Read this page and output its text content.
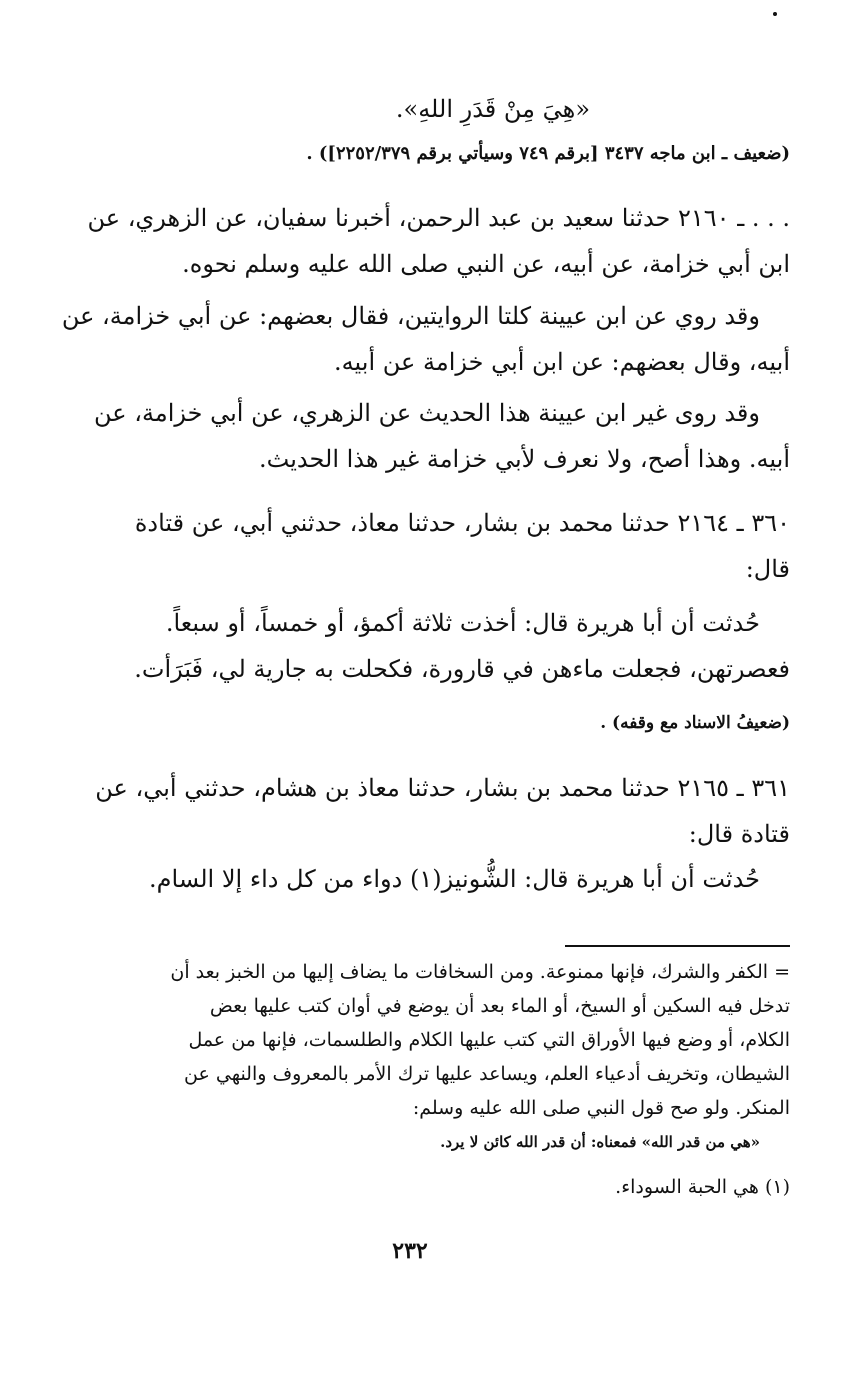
«هِيَ مِنْ قَدَرِ اللهِ».
(ضعيف ـ ابن ماجه ٣٤٣٧ [برقم ٧٤٩ وسيأتي برقم ٢٢٥٢/٣٧٩]) .
. . . ـ ٢١٦٠ حدثنا سعيد بن عبد الرحمن، أخبرنا سفيان، عن الزهري، عن
ابن أبي خزامة، عن أبيه، عن النبي صلى الله عليه وسلم نحوه.
وقد روي عن ابن عيينة كلتا الروايتين، فقال بعضهم: عن أبي خزامة، عن
أبيه، وقال بعضهم: عن ابن أبي خزامة عن أبيه.
وقد روى غير ابن عيينة هذا الحديث عن الزهري، عن أبي خزامة، عن
أبيه. وهذا أصح، ولا نعرف لأبي خزامة غير هذا الحديث.
٣٦٠ ـ ٢١٦٤ حدثنا محمد بن بشار، حدثنا معاذ، حدثني أبي، عن قتادة
قال:
حُدثت أن أبا هريرة قال: أخذت ثلاثة أكمؤ، أو خمساً، أو سبعاً.
فعصرتهن، فجعلت ماءهن في قارورة، فكحلت به جارية لي، فَبَرَأت.
(ضعيفُ الاسناد مع وقفه) .
٣٦١ ـ ٢١٦٥ حدثنا محمد بن بشار، حدثنا معاذ بن هشام، حدثني أبي، عن
قتادة قال:
حُدثت أن أبا هريرة قال: الشُّونيز(١) دواء من كل داء إلا السام.
= الكفر والشرك، فإنها ممنوعة. ومن السخافات ما يضاف إليها من الخبز بعد أن
تدخل فيه السكين أو السيخ، أو الماء بعد أن يوضع في أوان كتب عليها بعض
الكلام، أو وضع فيها الأوراق التي كتب عليها الكلام والطلسمات، فإنها من عمل
الشيطان، وتخريف أدعياء العلم، ويساعد عليها ترك الأمر بالمعروف والنهي عن
المنكر. ولو صح قول النبي صلى الله عليه وسلم:
«هي من قدر الله» فمعناه: أن قدر الله كائن لا يرد.
(١) هي الحبة السوداء.
٢٣٢
